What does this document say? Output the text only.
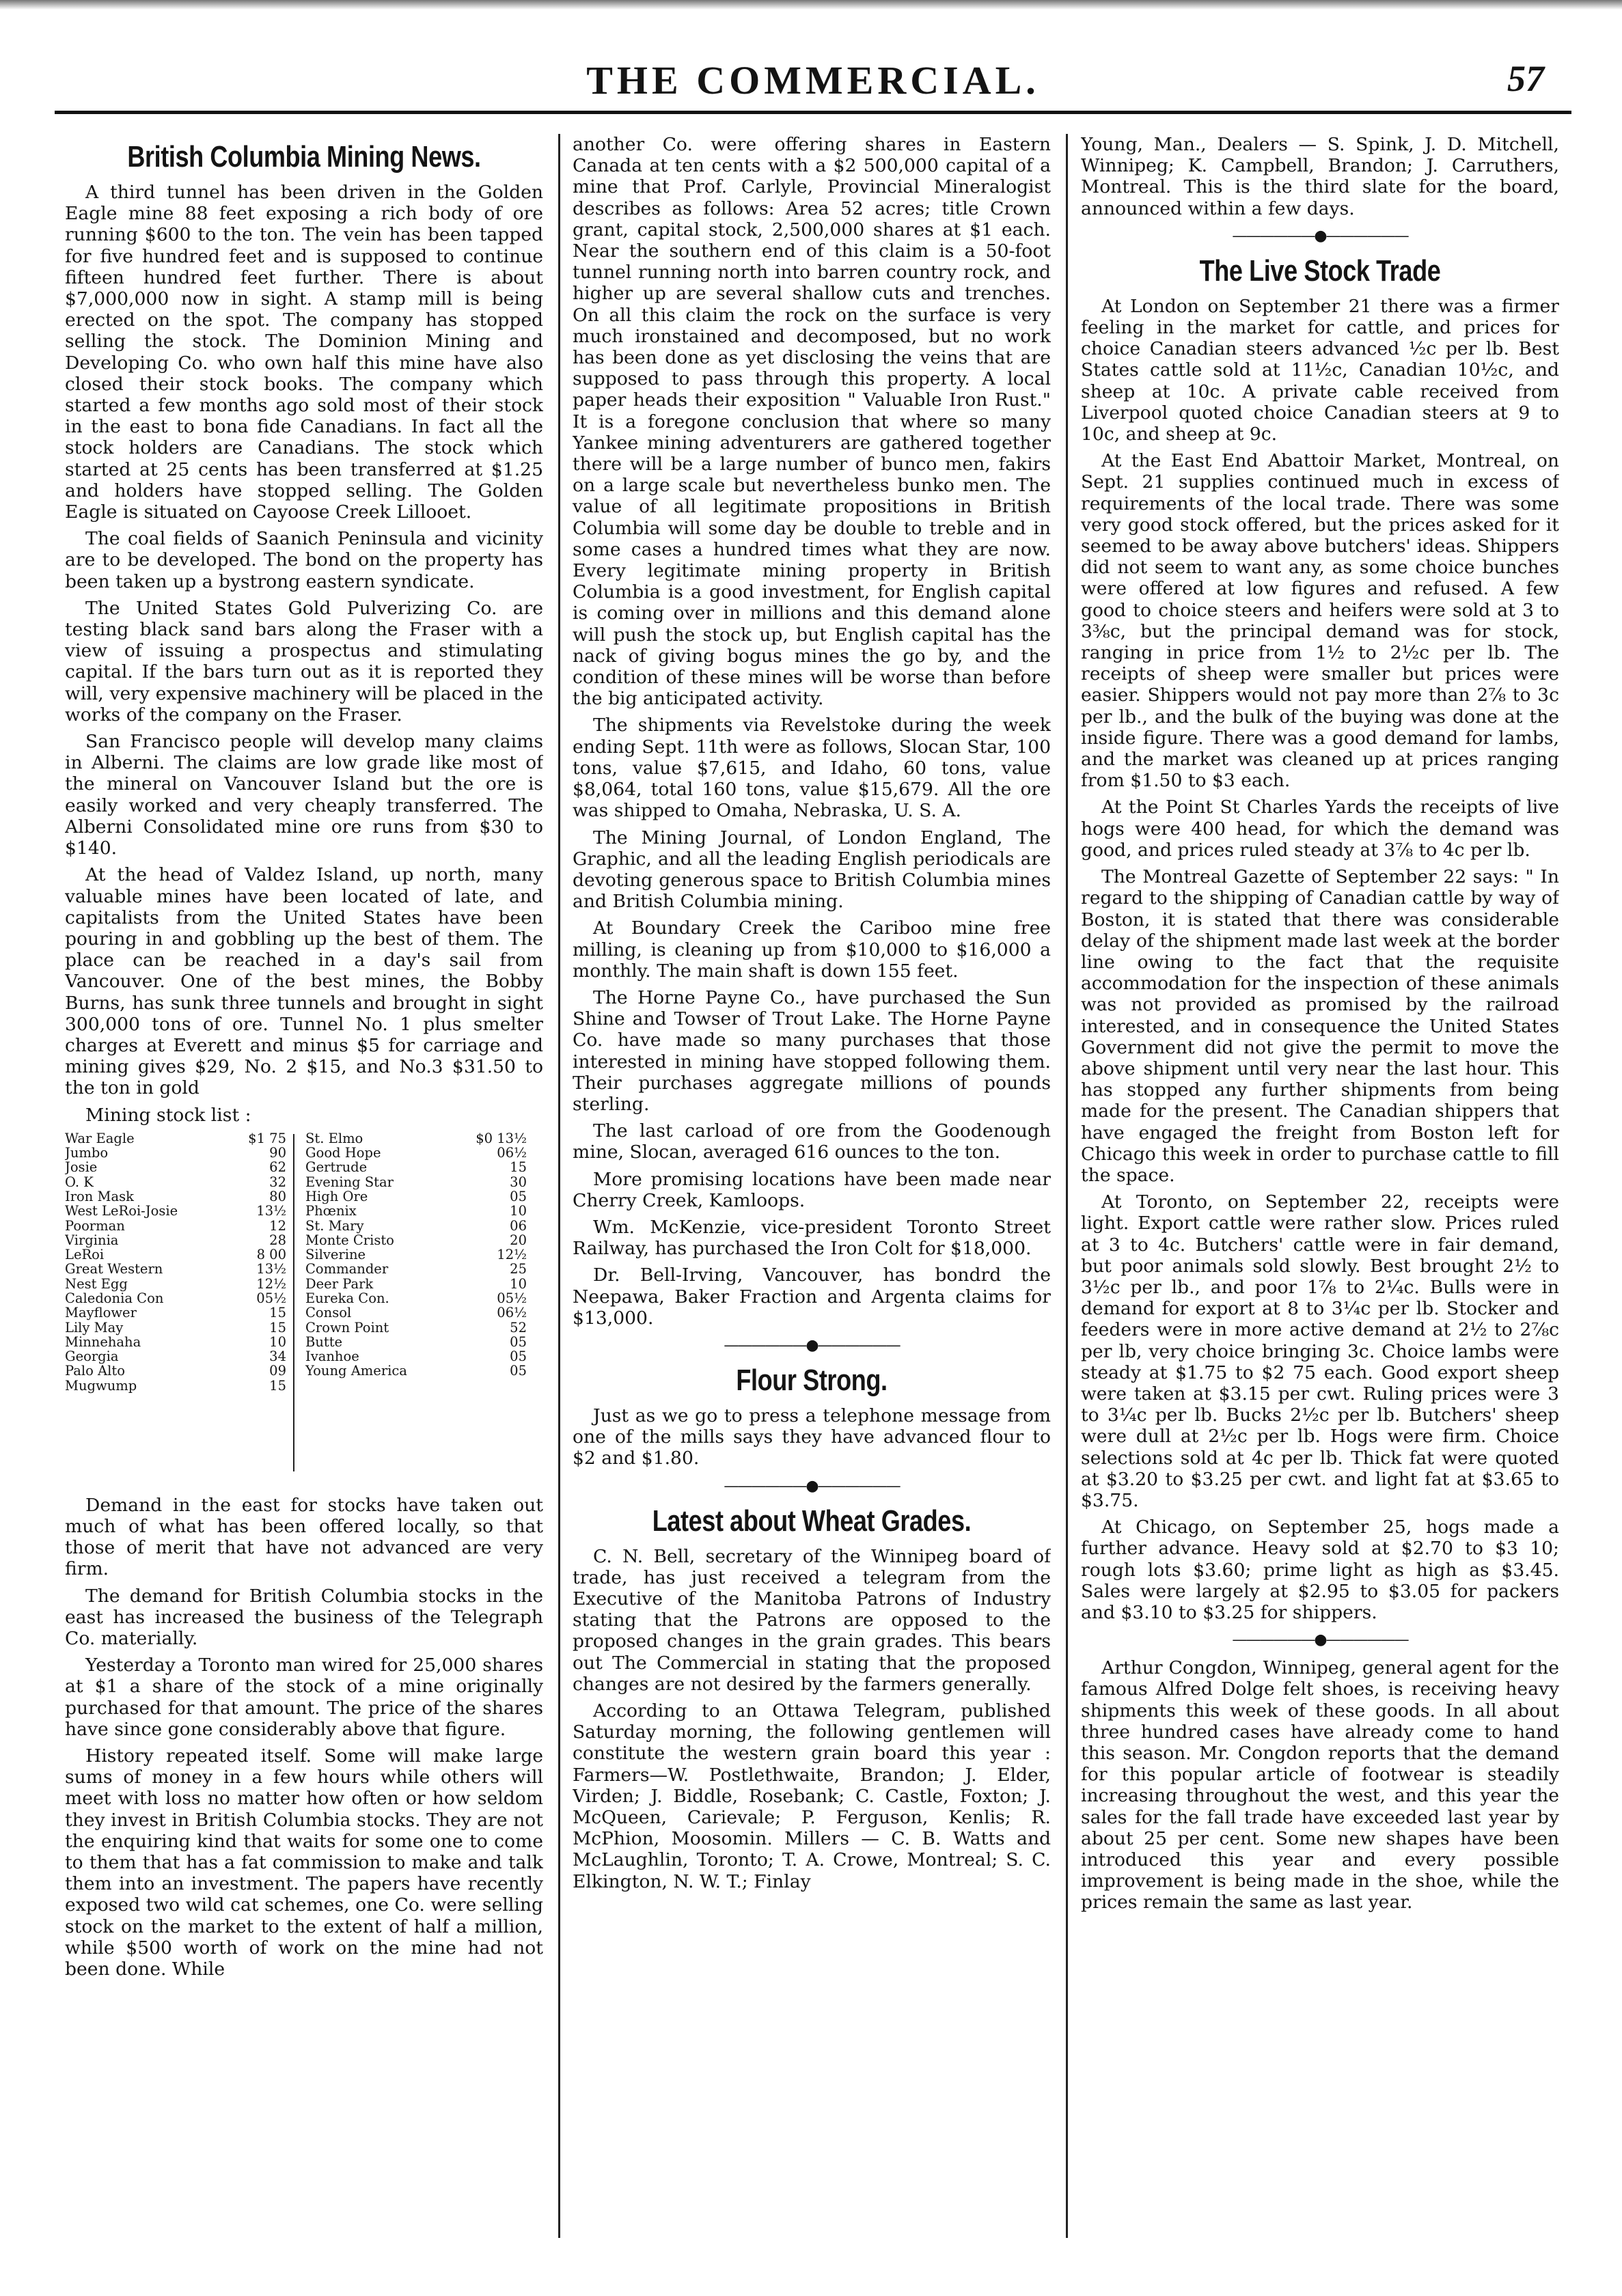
THE COMMERCIAL.	57
British Columbia Mining News.

A third tunnel has been driven in the Golden Eagle mine 88 feet exposing a rich body of ore running $600 to the ton. The vein has been tapped for five hundred feet and is supposed to continue fifteen hundred feet further. There is about $7,000,000 now in sight. A stamp mill is being erected on the spot. The company has stopped selling the stock. The Dominion Mining and Developing Co. who own half this mine have also closed their stock books. The company which started a few months ago sold most of their stock in the east to bona fide Canadians. In fact all the stock holders are Canadians. The stock which started at 25 cents has been transferred at $1.25 and holders have stopped selling. The Golden Eagle is situated on Cayoose Creek Lillooet.

The coal fields of Saanich Peninsula and vicinity are to be developed. The bond on the property has been taken up a bystrong eastern syndicate.

The United States Gold Pulverizing Co. are testing black sand bars along the Fraser with a view of issuing a prospectus and stimulating capital. If the bars turn out as it is reported they will, very expensive machinery will be placed in the works of the company on the Fraser.

San Francisco people will develop many claims in Alberni. The claims are low grade like most of the mineral on Vancouver Island but the ore is easily worked and very cheaply transferred. The Alberni Consolidated mine ore runs from $30 to $140.

At the head of Valdez Island, up north, many valuable mines have been located of late, and capitalists from the United States have been pouring in and gobbling up the best of them. The place can be reached in a day's sail from Vancouver. One of the best mines, the Bobby Burns, has sunk three tunnels and brought in sight 300,000 tons of ore. Tunnel No. 1 plus smelter charges at Everett and minus $5 for carriage and mining gives $29, No. 2 $15, and No.3 $31.50 to the ton in gold

Mining stock list :

War Eagle	$1 75
Jumbo	90
Josie	62
O. K	32
Iron Mask	80
West LeRoi-Josie	13½
Poorman	12
Virginia	28
LeRoi	8 00
Great Western	13½
Nest Egg	12½
Caledonia Con	05½
Mayflower	15
Lily May	15
Minnehaha	10
Georgia	34
Palo Alto	09
Mugwump	15
St. Elmo	$0 13½
Good Hope	06½
Gertrude	15
Evening Star	30
High Ore	05
Phœnix	10
St. Mary	06
Monte Cristo	20
Silverine	12½
Commander	25
Deer Park	10
Eureka Con.	05½
Consol	06½
Crown Point	52
Butte	05
Ivanhoe	05
Young America	05

Demand in the east for stocks have taken out much of what has been offered locally, so that those of merit that have not advanced are very firm.

The demand for British Columbia stocks in the east has increased the business of the Telegraph Co. materially.

Yesterday a Toronto man wired for 25,000 shares at $1 a share of the stock of a mine originally purchased for that amount. The price of the shares have since gone considerably above that figure.

History repeated itself. Some will make large sums of money in a few hours while others will meet with loss no matter how often or how seldom they invest in British Columbia stocks. They are not the enquiring kind that waits for some one to come to them that has a fat commission to make and talk them into an investment. The papers have recently exposed two wild cat schemes, one Co. were selling stock on the market to the extent of half a million, while $500 worth of work on the mine had not been done. While

another Co. were offering shares in Eastern Canada at ten cents with a $2 500,000 capital of a mine that Prof. Carlyle, Provincial Mineralogist describes as follows: Area 52 acres; title Crown grant, capital stock, 2,500,000 shares at $1 each. Near the southern end of this claim is a 50-foot tunnel running north into barren country rock, and higher up are several shallow cuts and trenches. On all this claim the rock on the surface is very much ironstained and decomposed, but no work has been done as yet disclosing the veins that are supposed to pass through this property. A local paper heads their exposition " Valuable Iron Rust." It is a foregone conclusion that where so many Yankee mining adventurers are gathered together there will be a large number of bunco men, fakirs on a large scale but nevertheless bunko men. The value of all legitimate propositions in British Columbia will some day be double to treble and in some cases a hundred times what they are now. Every legitimate mining property in British Columbia is a good investment, for English capital is coming over in millions and this demand alone will push the stock up, but English capital has the nack of giving bogus mines the go by, and the condition of these mines will be worse than before the big anticipated activity.

The shipments via Revelstoke during the week ending Sept. 11th were as follows, Slocan Star, 100 tons, value $7,615, and Idaho, 60 tons, value $8,064, total 160 tons, value $15,679. All the ore was shipped to Omaha, Nebraska, U. S. A.

The Mining Journal, of London England, The Graphic, and all the leading English periodicals are devoting generous space to British Columbia mines and British Columbia mining.

At Boundary Creek the Cariboo mine free milling, is cleaning up from $10,000 to $16,000 a monthly. The main shaft is down 155 feet.

The Horne Payne Co., have purchased the Sun Shine and Towser of Trout Lake. The Horne Payne Co. have made so many purchases that those interested in mining have stopped following them. Their purchases aggregate millions of pounds sterling.

The last carload of ore from the Goodenough mine, Slocan, averaged 616 ounces to the ton.

More promising locations have been made near Cherry Creek, Kamloops.

Wm. McKenzie, vice-president Toronto Street Railway, has purchased the Iron Colt for $18,000.

Dr. Bell-Irving, Vancouver, has bondrd the Neepawa, Baker Fraction and Argenta claims for $13,000.

——————●——————
Flour Strong.

Just as we go to press a telephone message from one of the mills says they have advanced flour to $2 and $1.80.

——————●——————
Latest about Wheat Grades.

C. N. Bell, secretary of the Winnipeg board of trade, has just received a telegram from the Executive of the Manitoba Patrons of Industry stating that the Patrons are opposed to the proposed changes in the grain grades. This bears out The Commercial in stating that the proposed changes are not desired by the farmers generally.

According to an Ottawa Telegram, published Saturday morning, the following gentlemen will constitute the western grain board this year : Farmers—W. Postlethwaite, Brandon; J. Elder, Virden; J. Biddle, Rosebank; C. Castle, Foxton; J. McQueen, Carievale; P. Ferguson, Kenlis; R. McPhion, Moosomin. Millers — C. B. Watts and McLaughlin, Toronto; T. A. Crowe, Montreal; S. C. Elkington, N. W. T.; Finlay

Young, Man., Dealers — S. Spink, J. D. Mitchell, Winnipeg; K. Campbell, Brandon; J. Carruthers, Montreal. This is the third slate for the board, announced within a few days.

——————●——————
The Live Stock Trade

At London on September 21 there was a firmer feeling in the market for cattle, and prices for choice Canadian steers advanced ½c per lb. Best States cattle sold at 11½c, Canadian 10½c, and sheep at 10c. A private cable received from Liverpool quoted choice Canadian steers at 9 to 10c, and sheep at 9c.

At the East End Abattoir Market, Montreal, on Sept. 21 supplies continued much in excess of requirements of the local trade. There was some very good stock offered, but the prices asked for it seemed to be away above butchers' ideas. Shippers did not seem to want any, as some choice bunches were offered at low figures and refused. A few good to choice steers and heifers were sold at 3 to 3⅜c, but the principal demand was for stock, ranging in price from 1½ to 2½c per lb. The receipts of sheep were smaller but prices were easier. Shippers would not pay more than 2⅞ to 3c per lb., and the bulk of the buying was done at the inside figure. There was a good demand for lambs, and the market was cleaned up at prices ranging from $1.50 to $3 each.

At the Point St Charles Yards the receipts of live hogs were 400 head, for which the demand was good, and prices ruled steady at 3⅞ to 4c per lb.

The Montreal Gazette of September 22 says: " In regard to the shipping of Canadian cattle by way of Boston, it is stated that there was considerable delay of the shipment made last week at the border line owing to the fact that the requisite accommodation for the inspection of these animals was not provided as promised by the railroad interested, and in consequence the United States Government did not give the permit to move the above shipment until very near the last hour. This has stopped any further shipments from being made for the present. The Canadian shippers that have engaged the freight from Boston left for Chicago this week in order to purchase cattle to fill the space.

At Toronto, on September 22, receipts were light. Export cattle were rather slow. Prices ruled at 3 to 4c. Butchers' cattle were in fair demand, but poor animals sold slowly. Best brought 2½ to 3½c per lb., and poor 1⅞ to 2¼c. Bulls were in demand for export at 8 to 3¼c per lb. Stocker and feeders were in more active demand at 2½ to 2⅞c per lb, very choice bringing 3c. Choice lambs were steady at $1.75 to $2 75 each. Good export sheep were taken at $3.15 per cwt. Ruling prices were 3 to 3¼c per lb. Bucks 2½c per lb. Butchers' sheep were dull at 2½c per lb. Hogs were firm. Choice selections sold at 4c per lb. Thick fat were quoted at $3.20 to $3.25 per cwt. and light fat at $3.65 to $3.75.

At Chicago, on September 25, hogs made a further advance. Heavy sold at $2.70 to $3 10; rough lots $3.60; prime light as high as $3.45. Sales were largely at $2.95 to $3.05 for packers and $3.10 to $3.25 for shippers.

——————●——————

Arthur Congdon, Winnipeg, general agent for the famous Alfred Dolge felt shoes, is receiving heavy shipments this week of these goods. In all about three hundred cases have already come to hand this season. Mr. Congdon reports that the demand for this popular article of footwear is steadily increasing throughout the west, and this year the sales for the fall trade have exceeded last year by about 25 per cent. Some new shapes have been introduced this year and every possible improvement is being made in the shoe, while the prices remain the same as last year.
